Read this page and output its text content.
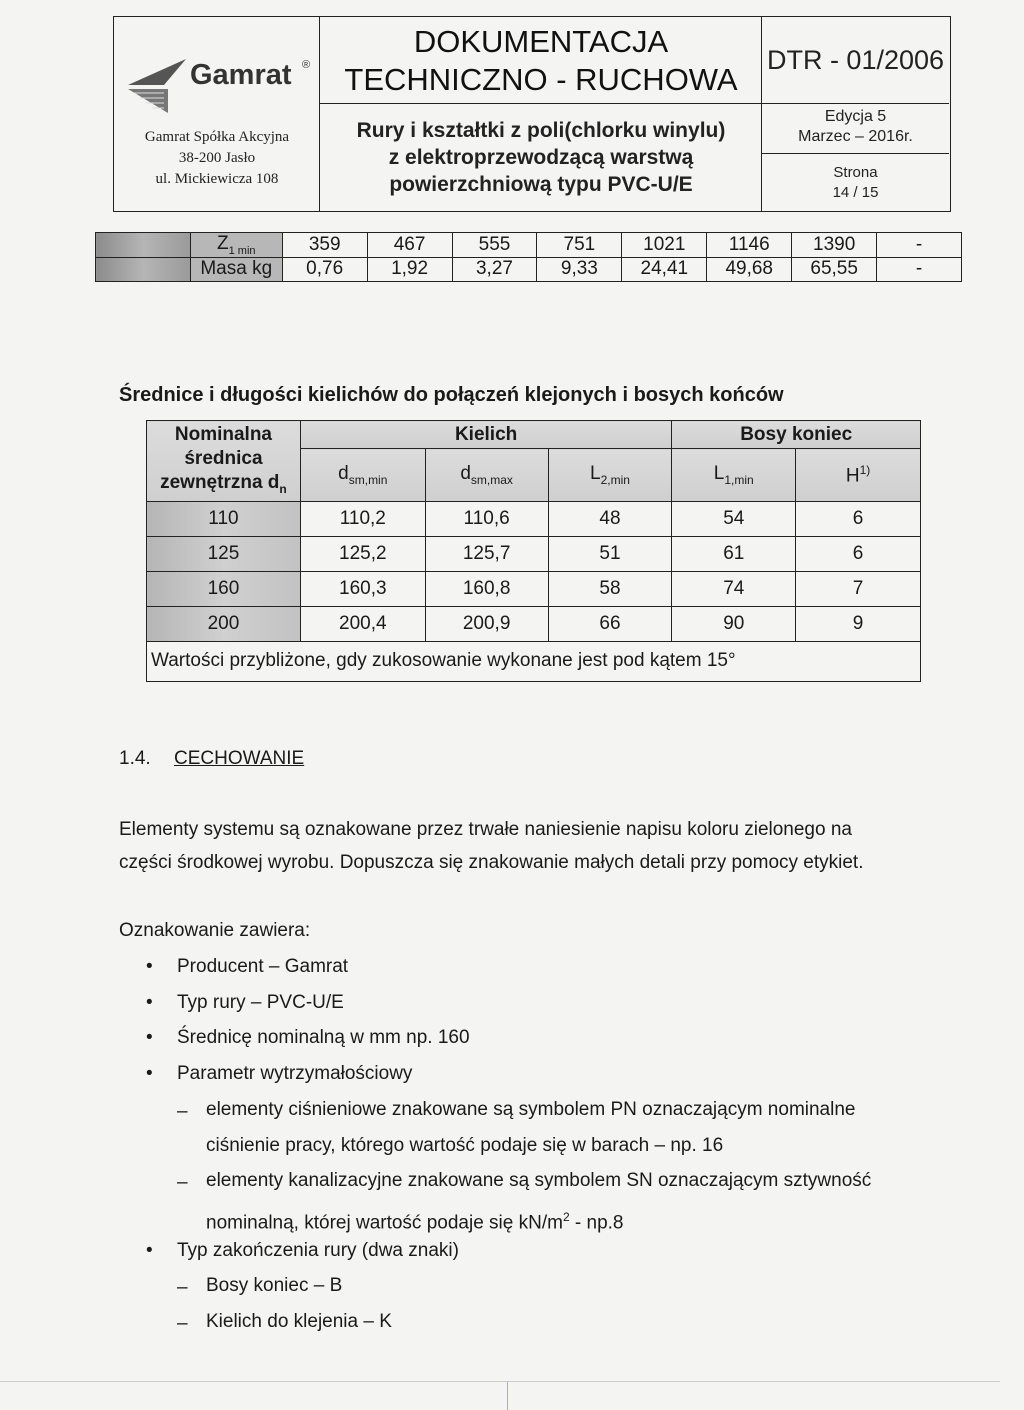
Gamrat ®
Gamrat Spółka Akcyjna
38-200 Jasło
ul. Mickiewicza 108
DOKUMENTACJA
TECHNICZNO - RUCHOWA
Rury i kształtki z poli(chlorku winylu)
z elektroprzewodzącą warstwą
powierzchniową typu PVC-U/E
DTR - 01/2006
Edycja 5
Marzec – 2016r.
Strona
14 / 15
	$Z_{1 min}$	359	467	555	751	1021	1146	1390	-
	Masa kg	0,76	1,92	3,27	9,33	24,41	49,68	65,55	-
Średnice i długości kielichów do połączeń klejonych i bosych końców
Nominalna
średnica
zewnętrzna $d_n$	Kielich			Bosy koniec	
	$d_{sm,min}$	$d_{sm,max}$	$L_{2,min}$	$L_{1,min}$	$H^{1)}$
110	110,2	110,6	48	54	6
125	125,2	125,7	51	61	6
160	160,3	160,8	58	74	7
200	200,4	200,9	66	90	9
Wartości przybliżone, gdy zukosowanie wykonane jest pod kątem 15°					
1.4. CECHOWANIE
Elementy systemu są oznakowane przez trwałe naniesienie napisu koloru zielonego na
części środkowej wyrobu. Dopuszcza się znakowanie małych detali przy pomocy etykiet.
Oznakowanie zawiera:
• Producent – Gamrat
• Typ rury – PVC-U/E
• Średnicę nominalną w mm np. 160
• Parametr wytrzymałościowy
– elementy ciśnieniowe znakowane są symbolem PN oznaczającym nominalne
ciśnienie pracy, którego wartość podaje się w barach – np. 16
– elementy kanalizacyjne znakowane są symbolem SN oznaczającym sztywność
nominalną, której wartość podaje się $kN/m^2 - np.8$
• Typ zakończenia rury (dwa znaki)
– Bosy koniec – B
– Kielich do klejenia – K
